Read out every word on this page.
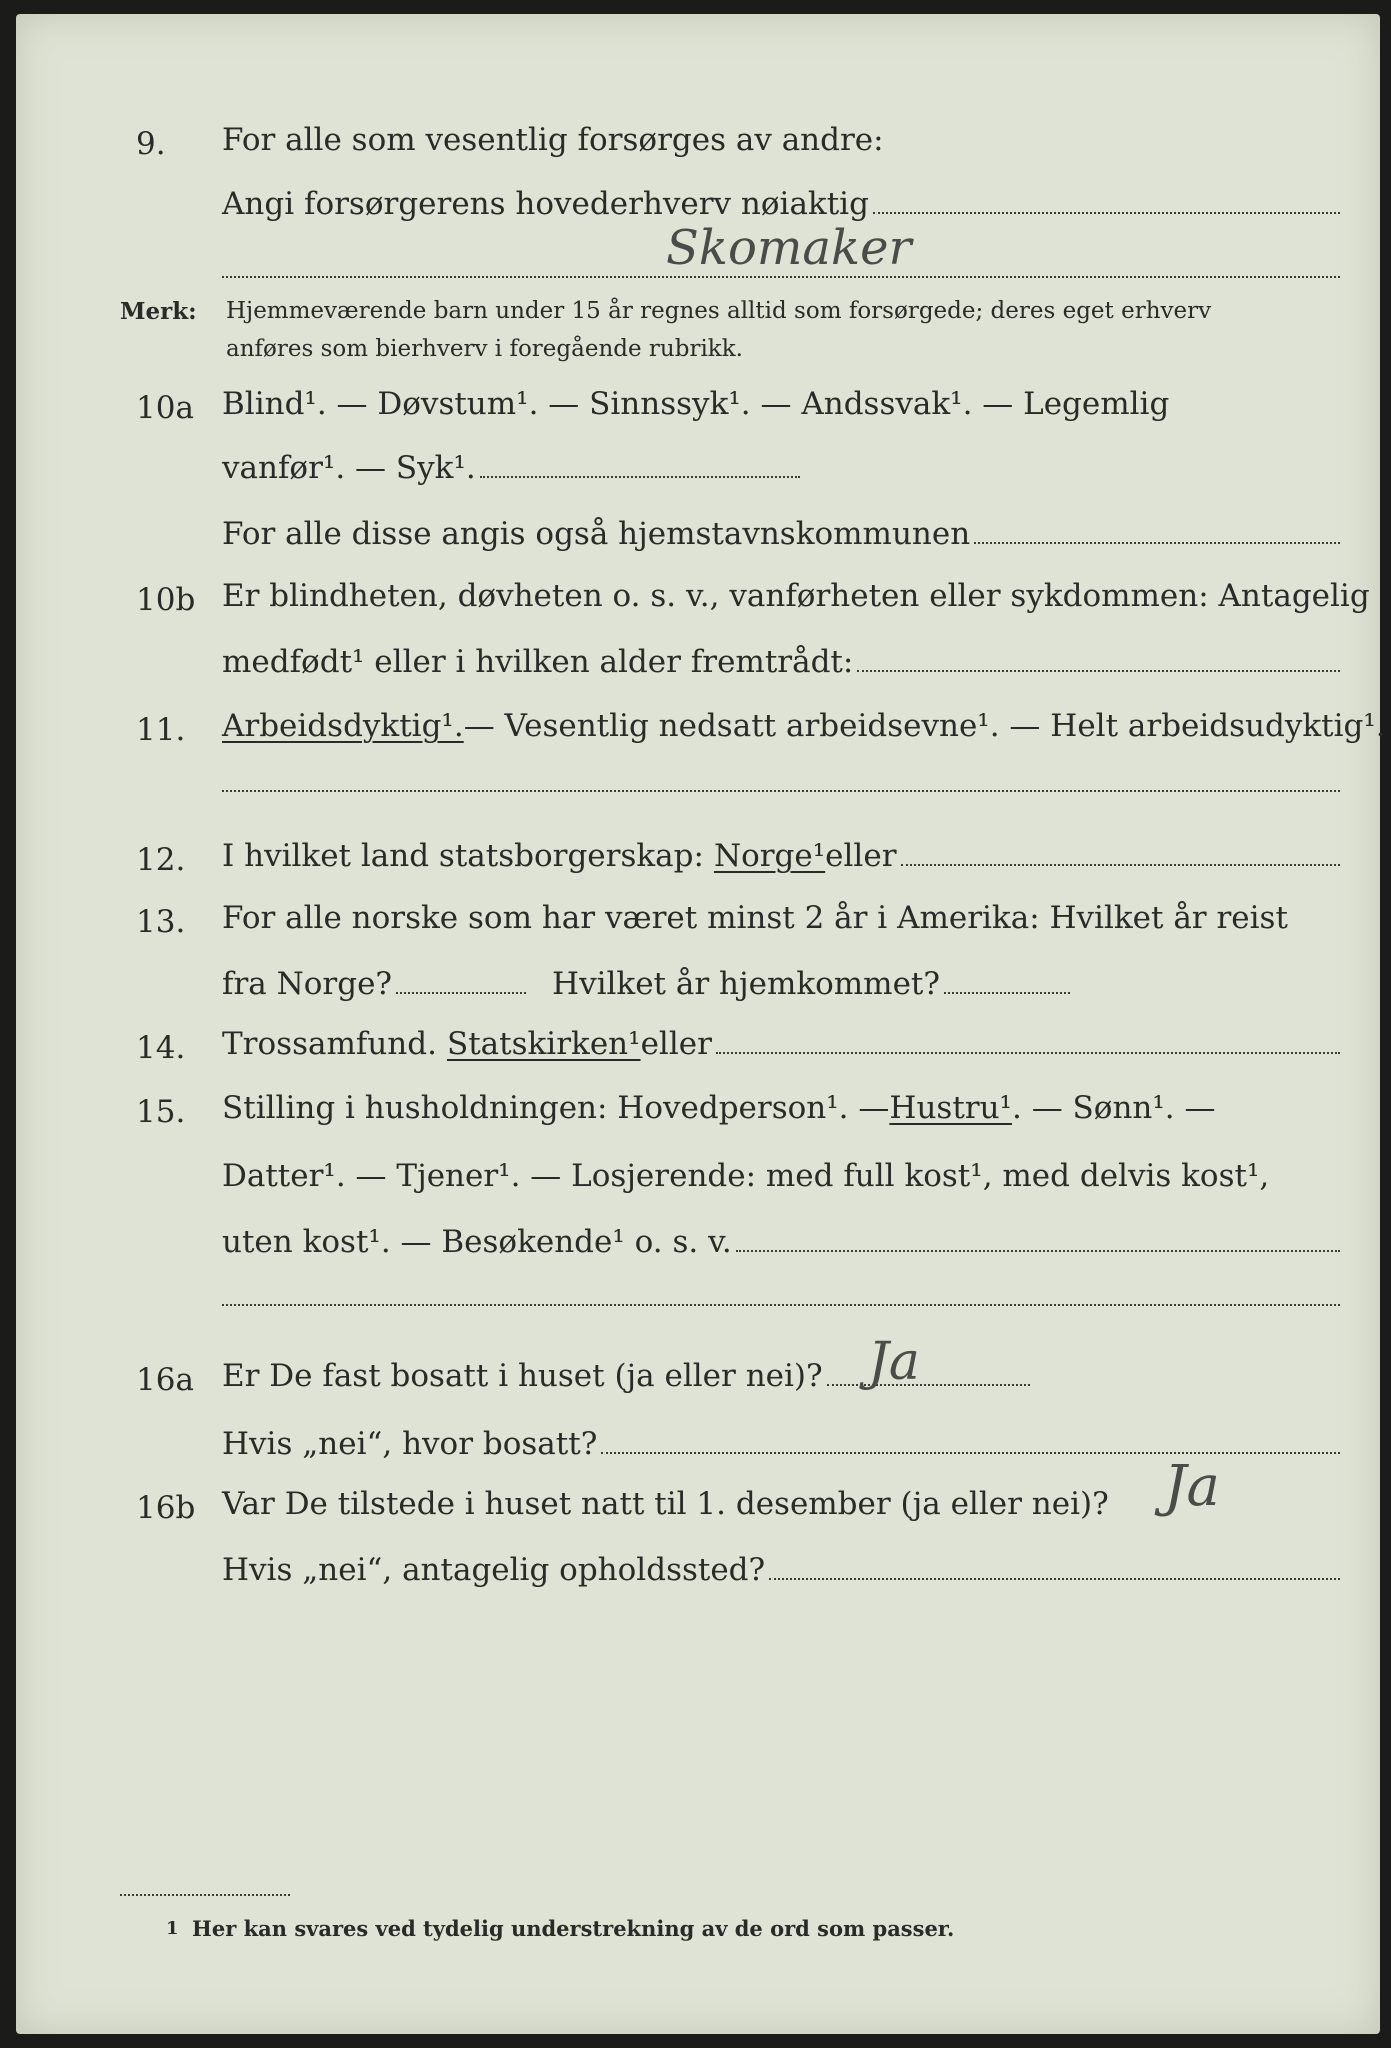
9.	For alle som vesentlig forsørges av andre:
Angi forsørgerens hovederhverv nøiaktig
Skomaker
Merk: Hjemmeværende barn under 15 år regnes alltid som forsørgede; deres eget erhverv
anføres som bierhverv i foregående rubrikk.
10a Blind¹. — Døvstum¹. — Sinnssyk¹. — Andssvak¹. — Legemlig
vanfør¹. — Syk¹.
For alle disse angis også hjemstavnskommunen
10b Er blindheten, døvheten o. s. v., vanførheten eller sykdommen: Antagelig
medfødt¹ eller i hvilken alder fremtrådt:
11.	Arbeidsdyktig¹. — Vesentlig nedsatt arbeidsevne¹. — Helt arbeidsudyktig¹.
12.	I hvilket land statsborgerskap: Norge¹ eller
13.	For alle norske som har været minst 2 år i Amerika: Hvilket år reist
fra Norge?	Hvilket år hjemkommet?
14.	Trossamfund. Statskirken¹ eller
15.	Stilling i husholdningen: Hovedperson¹. — Hustru¹ . — Sønn¹. —
Datter¹. — Tjener¹. — Losjerende: med full kost¹, med delvis kost¹,
uten kost¹. — Besøkende¹ o. s. v.
16a Er De fast bosatt i huset (ja eller nei)? Ja
Hvis „nei“, hvor bosatt?
16b Var De tilstede i huset natt til 1. desember (ja eller nei)? Ja
Hvis „nei“, antagelig opholdssted?
1 Her kan svares ved tydelig understrekning av de ord som passer.
